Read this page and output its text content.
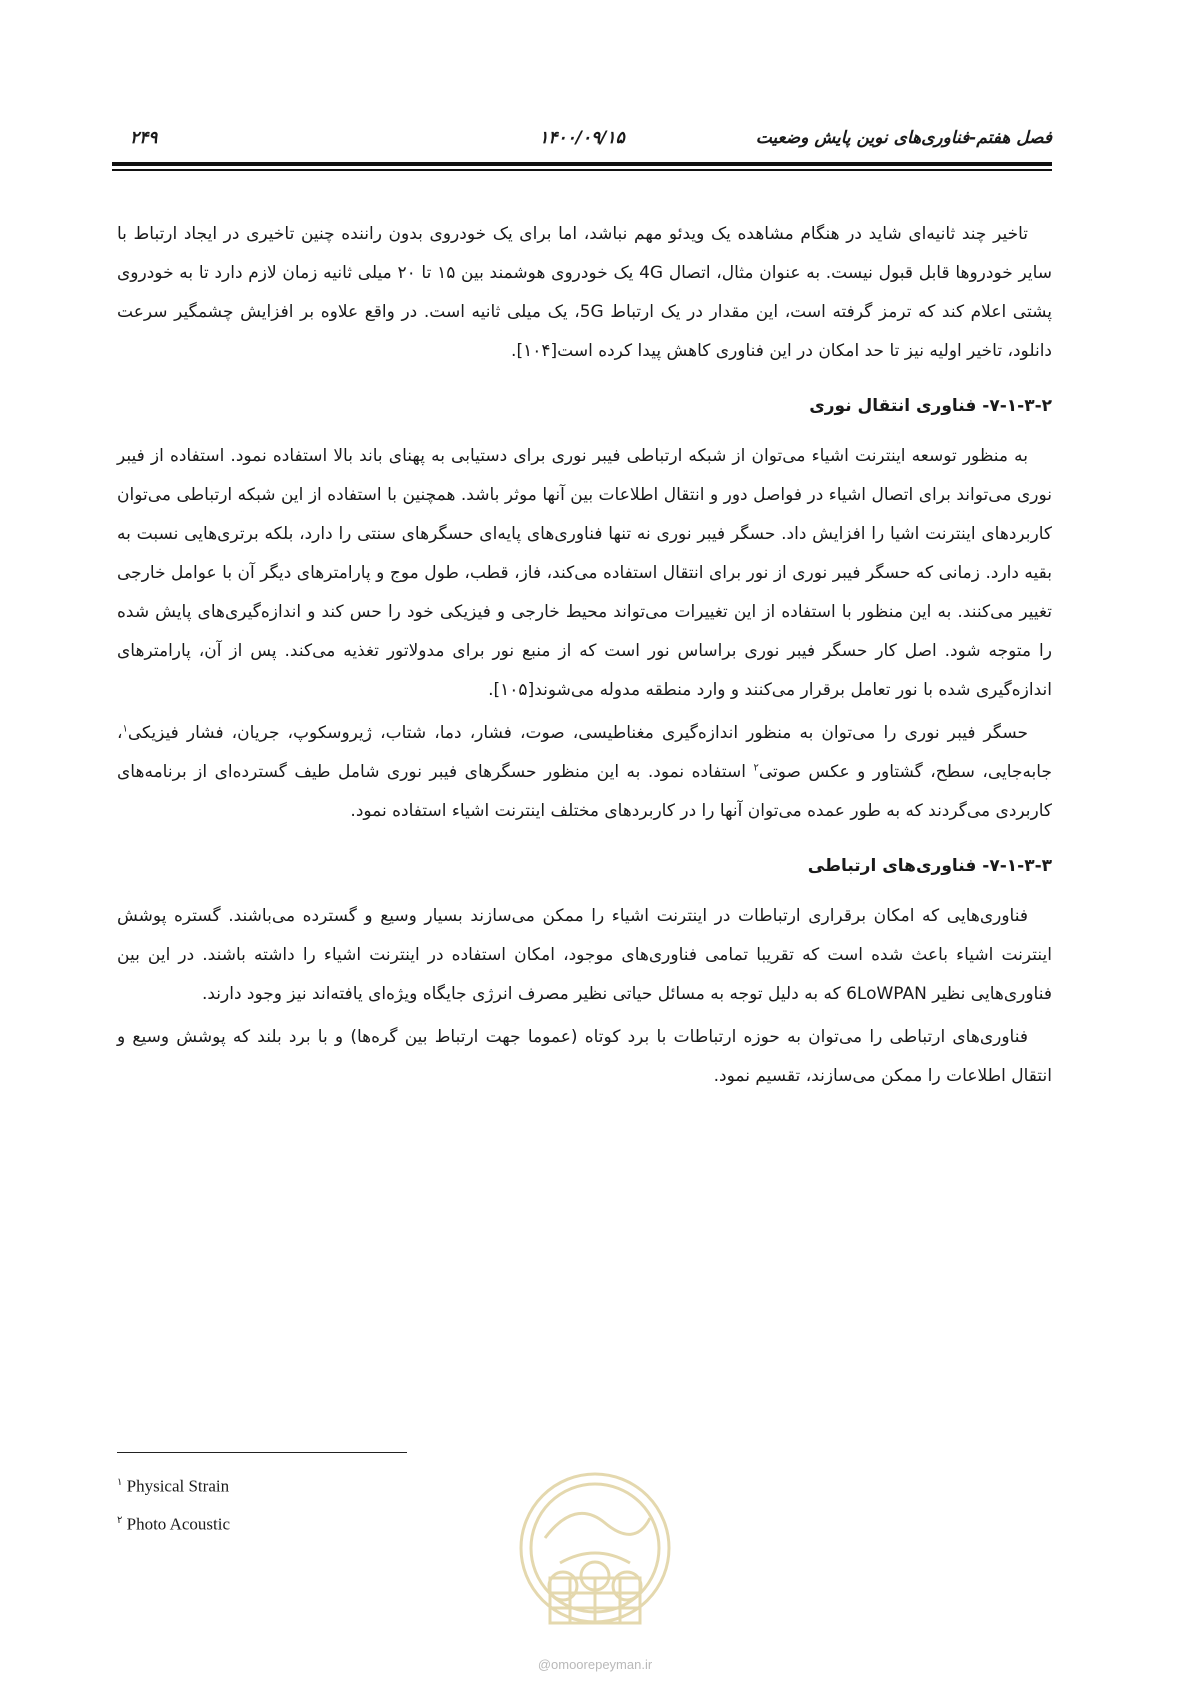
۲۴۹	۱۴۰۰/۰۹/۱۵	فصل هفتم-فناوری‌های نوین پایش وضعیت

تاخیر چند ثانیه‌ای شاید در هنگام مشاهده یک ویدئو مهم نباشد، اما برای یک خودروی بدون راننده چنین تاخیری در ایجاد ارتباط با سایر خودروها قابل قبول نیست. به عنوان مثال، اتصال 4G یک خودروی هوشمند بین ۱۵ تا ۲۰ میلی ثانیه زمان لازم دارد تا به خودروی پشتی اعلام کند که ترمز گرفته است، این مقدار در یک ارتباط 5G، یک میلی ثانیه است. در واقع علاوه بر افزایش چشمگیر سرعت دانلود، تاخیر اولیه نیز تا حد امکان در این فناوری کاهش پیدا کرده است[۱۰۴].

۷-۱-۳-۲- فناوری انتقال نوری

به منظور توسعه اینترنت اشیاء می‌توان از شبکه ارتباطی فیبر نوری برای دستیابی به پهنای باند بالا استفاده نمود. استفاده از فیبر نوری می‌تواند برای اتصال اشیاء در فواصل دور و انتقال اطلاعات بین آنها موثر باشد. همچنین با استفاده از این شبکه ارتباطی می‌توان کاربردهای اینترنت اشیا را افزایش داد. حسگر فیبر نوری نه تنها فناوری‌های پایه‌ای حسگرهای سنتی را دارد، بلکه برتری‌هایی نسبت به بقیه دارد. زمانی که حسگر فیبر نوری از نور برای انتقال استفاده می‌کند، فاز، قطب، طول موج و پارامترهای دیگر آن با عوامل خارجی تغییر می‌کنند. به این منظور با استفاده از این تغییرات می‌تواند محیط خارجی و فیزیکی خود را حس کند و اندازه‌گیری‌های پایش شده را متوجه شود. اصل کار حسگر فیبر نوری براساس نور است که از منبع نور برای مدولاتور تغذیه می‌کند. پس از آن، پارامترهای اندازه‌گیری شده با نور تعامل برقرار می‌کنند و وارد منطقه مدوله می‌شوند[۱۰۵].

حسگر فیبر نوری را می‌توان به منظور اندازه‌گیری مغناطیسی، صوت، فشار، دما، شتاب، ژیروسکوپ، جریان، فشار فیزیکی$^۱$، جابه‌جایی، سطح، گشتاور و عکس صوتی$^۲$ استفاده نمود. به این منظور حسگرهای فیبر نوری شامل طیف گسترده‌ای از برنامه‌های کاربردی می‌گردند که به طور عمده می‌توان آنها را در کاربردهای مختلف اینترنت اشیاء استفاده نمود.

۷-۱-۳-۳- فناوری‌های ارتباطی

فناوری‌هایی که امکان برقراری ارتباطات در اینترنت اشیاء را ممکن می‌سازند بسیار وسیع و گسترده می‌باشند. گستره پوشش اینترنت اشیاء باعث شده است که تقریبا تمامی فناوری‌های موجود، امکان استفاده در اینترنت اشیاء را داشته باشند. در این بین فناوری‌هایی نظیر 6LoWPAN که به دلیل توجه به مسائل حیاتی نظیر مصرف انرژی جایگاه ویژه‌ای یافته‌اند نیز وجود دارند.

فناوری‌های ارتباطی را می‌توان به حوزه ارتباطات با برد کوتاه (عموما جهت ارتباط بین گره‌ها) و با برد بلند که پوشش وسیع و انتقال اطلاعات را ممکن می‌سازند، تقسیم نمود.

$^۱$ Physical Strain
$^۲$ Photo Acoustic
@omoorepeyman.ir
